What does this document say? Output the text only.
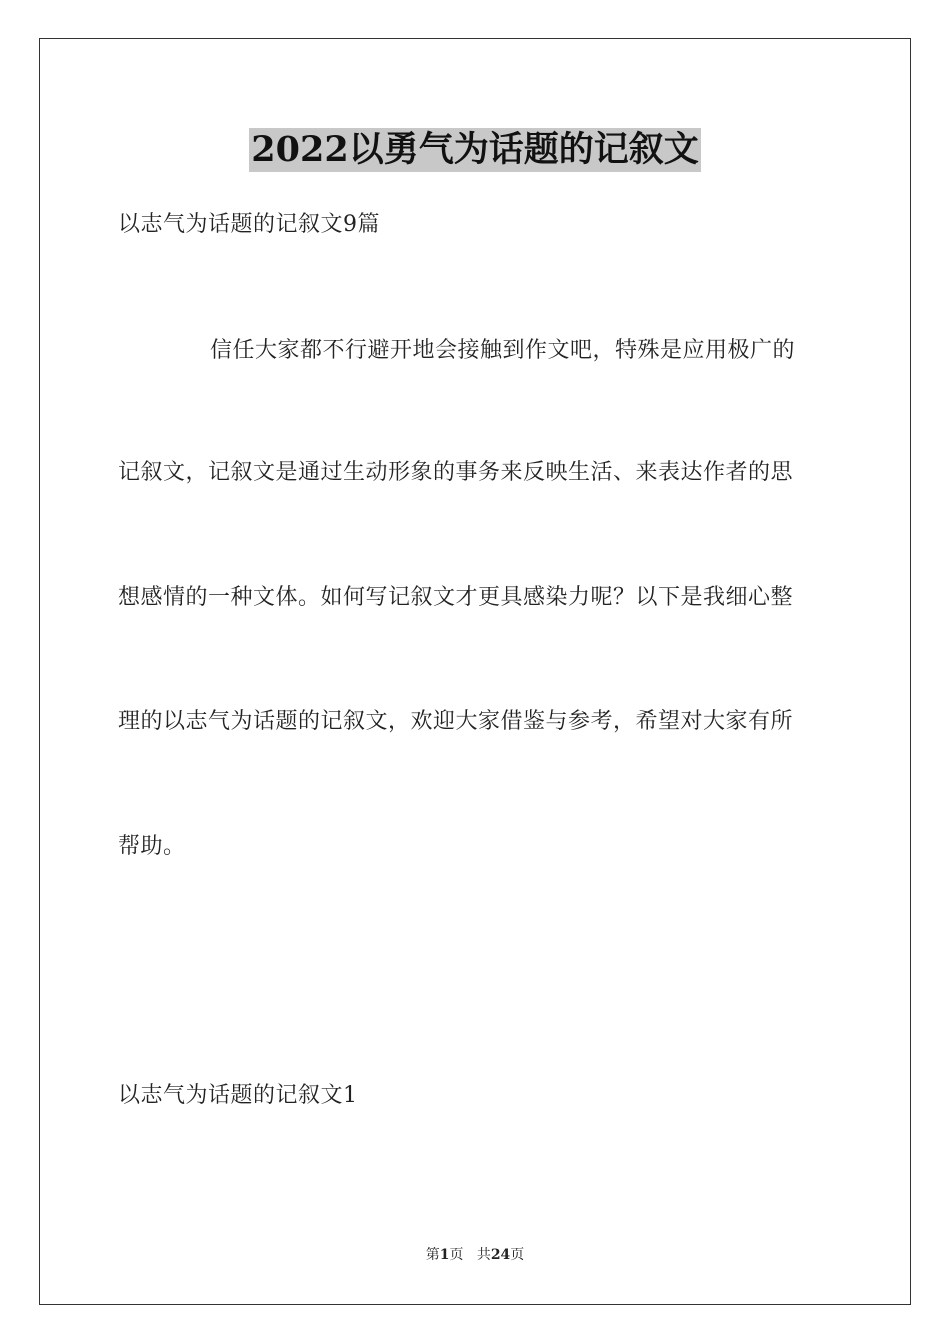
2022以勇气为话题的记叙文
以志气为话题的记叙文9篇
信任大家都不行避开地会接触到作文吧，特殊是应用极广的
记叙文，记叙文是通过生动形象的事务来反映生活、来表达作者的思
想感情的一种文体。如何写记叙文才更具感染力呢？以下是我细心整
理的以志气为话题的记叙文，欢迎大家借鉴与参考，希望对大家有所
帮助。
以志气为话题的记叙文1
第1页 共24页
